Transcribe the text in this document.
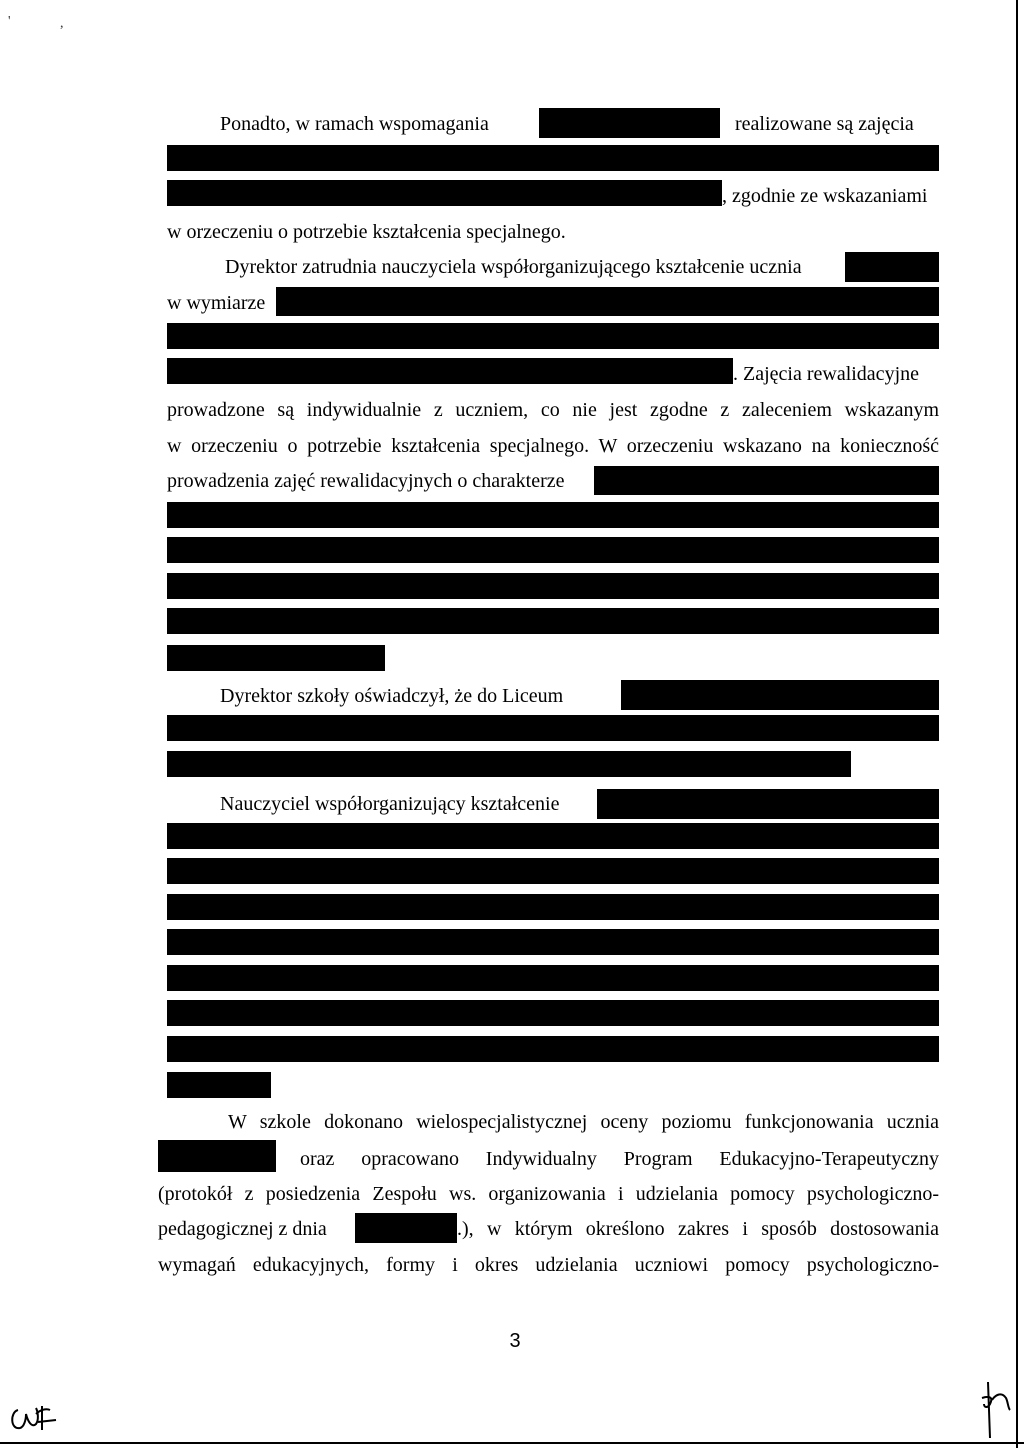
'	,
Ponadto, w ramach wspomagania	realizowane są zajęcia
, zgodnie ze wskazaniami
w orzeczeniu o potrzebie kształcenia specjalnego.
Dyrektor zatrudnia nauczyciela współorganizującego kształcenie ucznia
w wymiarze
. Zajęcia rewalidacyjne
prowadzone są indywidualnie z uczniem, co nie jest zgodne z zaleceniem wskazanym
w orzeczeniu o potrzebie kształcenia specjalnego. W orzeczeniu wskazano na konieczność
prowadzenia zajęć rewalidacyjnych o charakterze
Dyrektor szkoły oświadczył, że do Liceum
Nauczyciel współorganizujący kształcenie
W szkole dokonano wielospecjalistycznej oceny poziomu funkcjonowania ucznia
oraz opracowano Indywidualny Program Edukacyjno-Terapeutyczny
(protokół z posiedzenia Zespołu ws. organizowania i udzielania pomocy psychologiczno-
pedagogicznej z dnia	.), w którym określono zakres i sposób dostosowania
wymagań edukacyjnych, formy i okres udzielania uczniowi pomocy psychologiczno-
3
